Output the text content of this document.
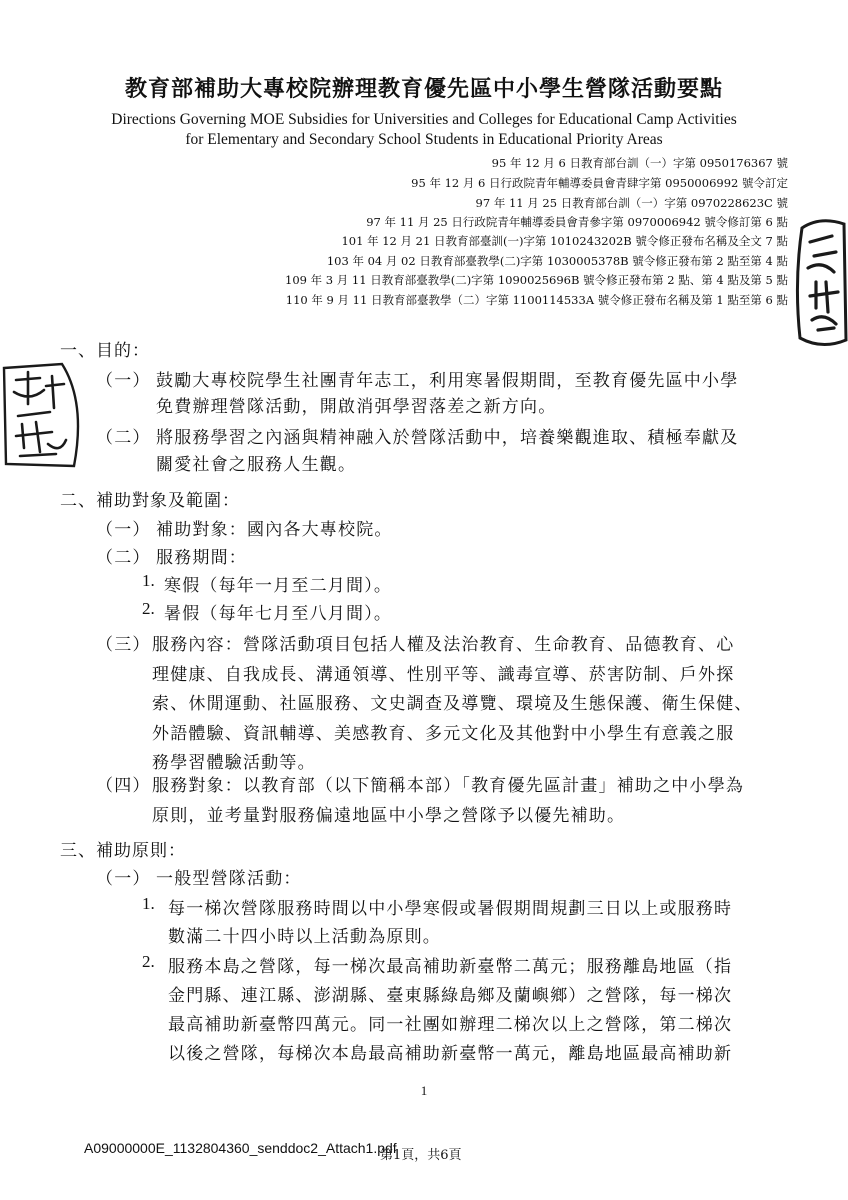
教育部補助大專校院辦理教育優先區中小學生營隊活動要點
Directions Governing MOE Subsidies for Universities and Colleges for Educational Camp Activities
for Elementary and Secondary School Students in Educational Priority Areas
95 年 12 月 6 日教育部台訓（一）字第 0950176367 號
95 年 12 月 6 日行政院青年輔導委員會青肆字第 0950006992 號令訂定
97 年 11 月 25 日教育部台訓（一）字第 0970228623C 號
97 年 11 月 25 日行政院青年輔導委員會青參字第 0970006942 號令修訂第 6 點
101 年 12 月 21 日教育部臺訓(一)字第 1010243202B 號令修正發布名稱及全文 7 點
103 年 04 月 02 日教育部臺教學(二)字第 1030005378B 號令修正發布第 2 點至第 4 點
109 年 3 月 11 日教育部臺教學(二)字第 1090025696B 號令修正發布第 2 點、第 4 點及第 5 點
110 年 9 月 11 日教育部臺教學（二）字第 1100114533A 號令修正發布名稱及第 1 點至第 6 點
一、目的：
（一） 鼓勵大專校院學生社團青年志工，利用寒暑假期間，至教育優先區中小學
免費辦理營隊活動，開啟消弭學習落差之新方向。
（二） 將服務學習之內涵與精神融入於營隊活動中，培養樂觀進取、積極奉獻及
關愛社會之服務人生觀。
二、補助對象及範圍：
（一） 補助對象：國內各大專校院。
（二） 服務期間：
1. 寒假（每年一月至二月間）。
2. 暑假（每年七月至八月間）。
（三） 服務內容：營隊活動項目包括人權及法治教育、生命教育、品德教育、心
理健康、自我成長、溝通領導、性別平等、識毒宣導、菸害防制、戶外探
索、休閒運動、社區服務、文史調查及導覽、環境及生態保護、衛生保健、
外語體驗、資訊輔導、美感教育、多元文化及其他對中小學生有意義之服
務學習體驗活動等。
（四） 服務對象：以教育部（以下簡稱本部）「教育優先區計畫」補助之中小學為
原則，並考量對服務偏遠地區中小學之營隊予以優先補助。
三、補助原則：
（一） 一般型營隊活動：
1. 每一梯次營隊服務時間以中小學寒假或暑假期間規劃三日以上或服務時
數滿二十四小時以上活動為原則。
2. 服務本島之營隊，每一梯次最高補助新臺幣二萬元；服務離島地區（指
金門縣、連江縣、澎湖縣、臺東縣綠島鄉及蘭嶼鄉）之營隊，每一梯次
最高補助新臺幣四萬元。同一社團如辦理二梯次以上之營隊，第二梯次
以後之營隊，每梯次本島最高補助新臺幣一萬元，離島地區最高補助新
1
A09000000E_1132804360_senddoc2_Attach1.pdf
第1頁，共6頁
